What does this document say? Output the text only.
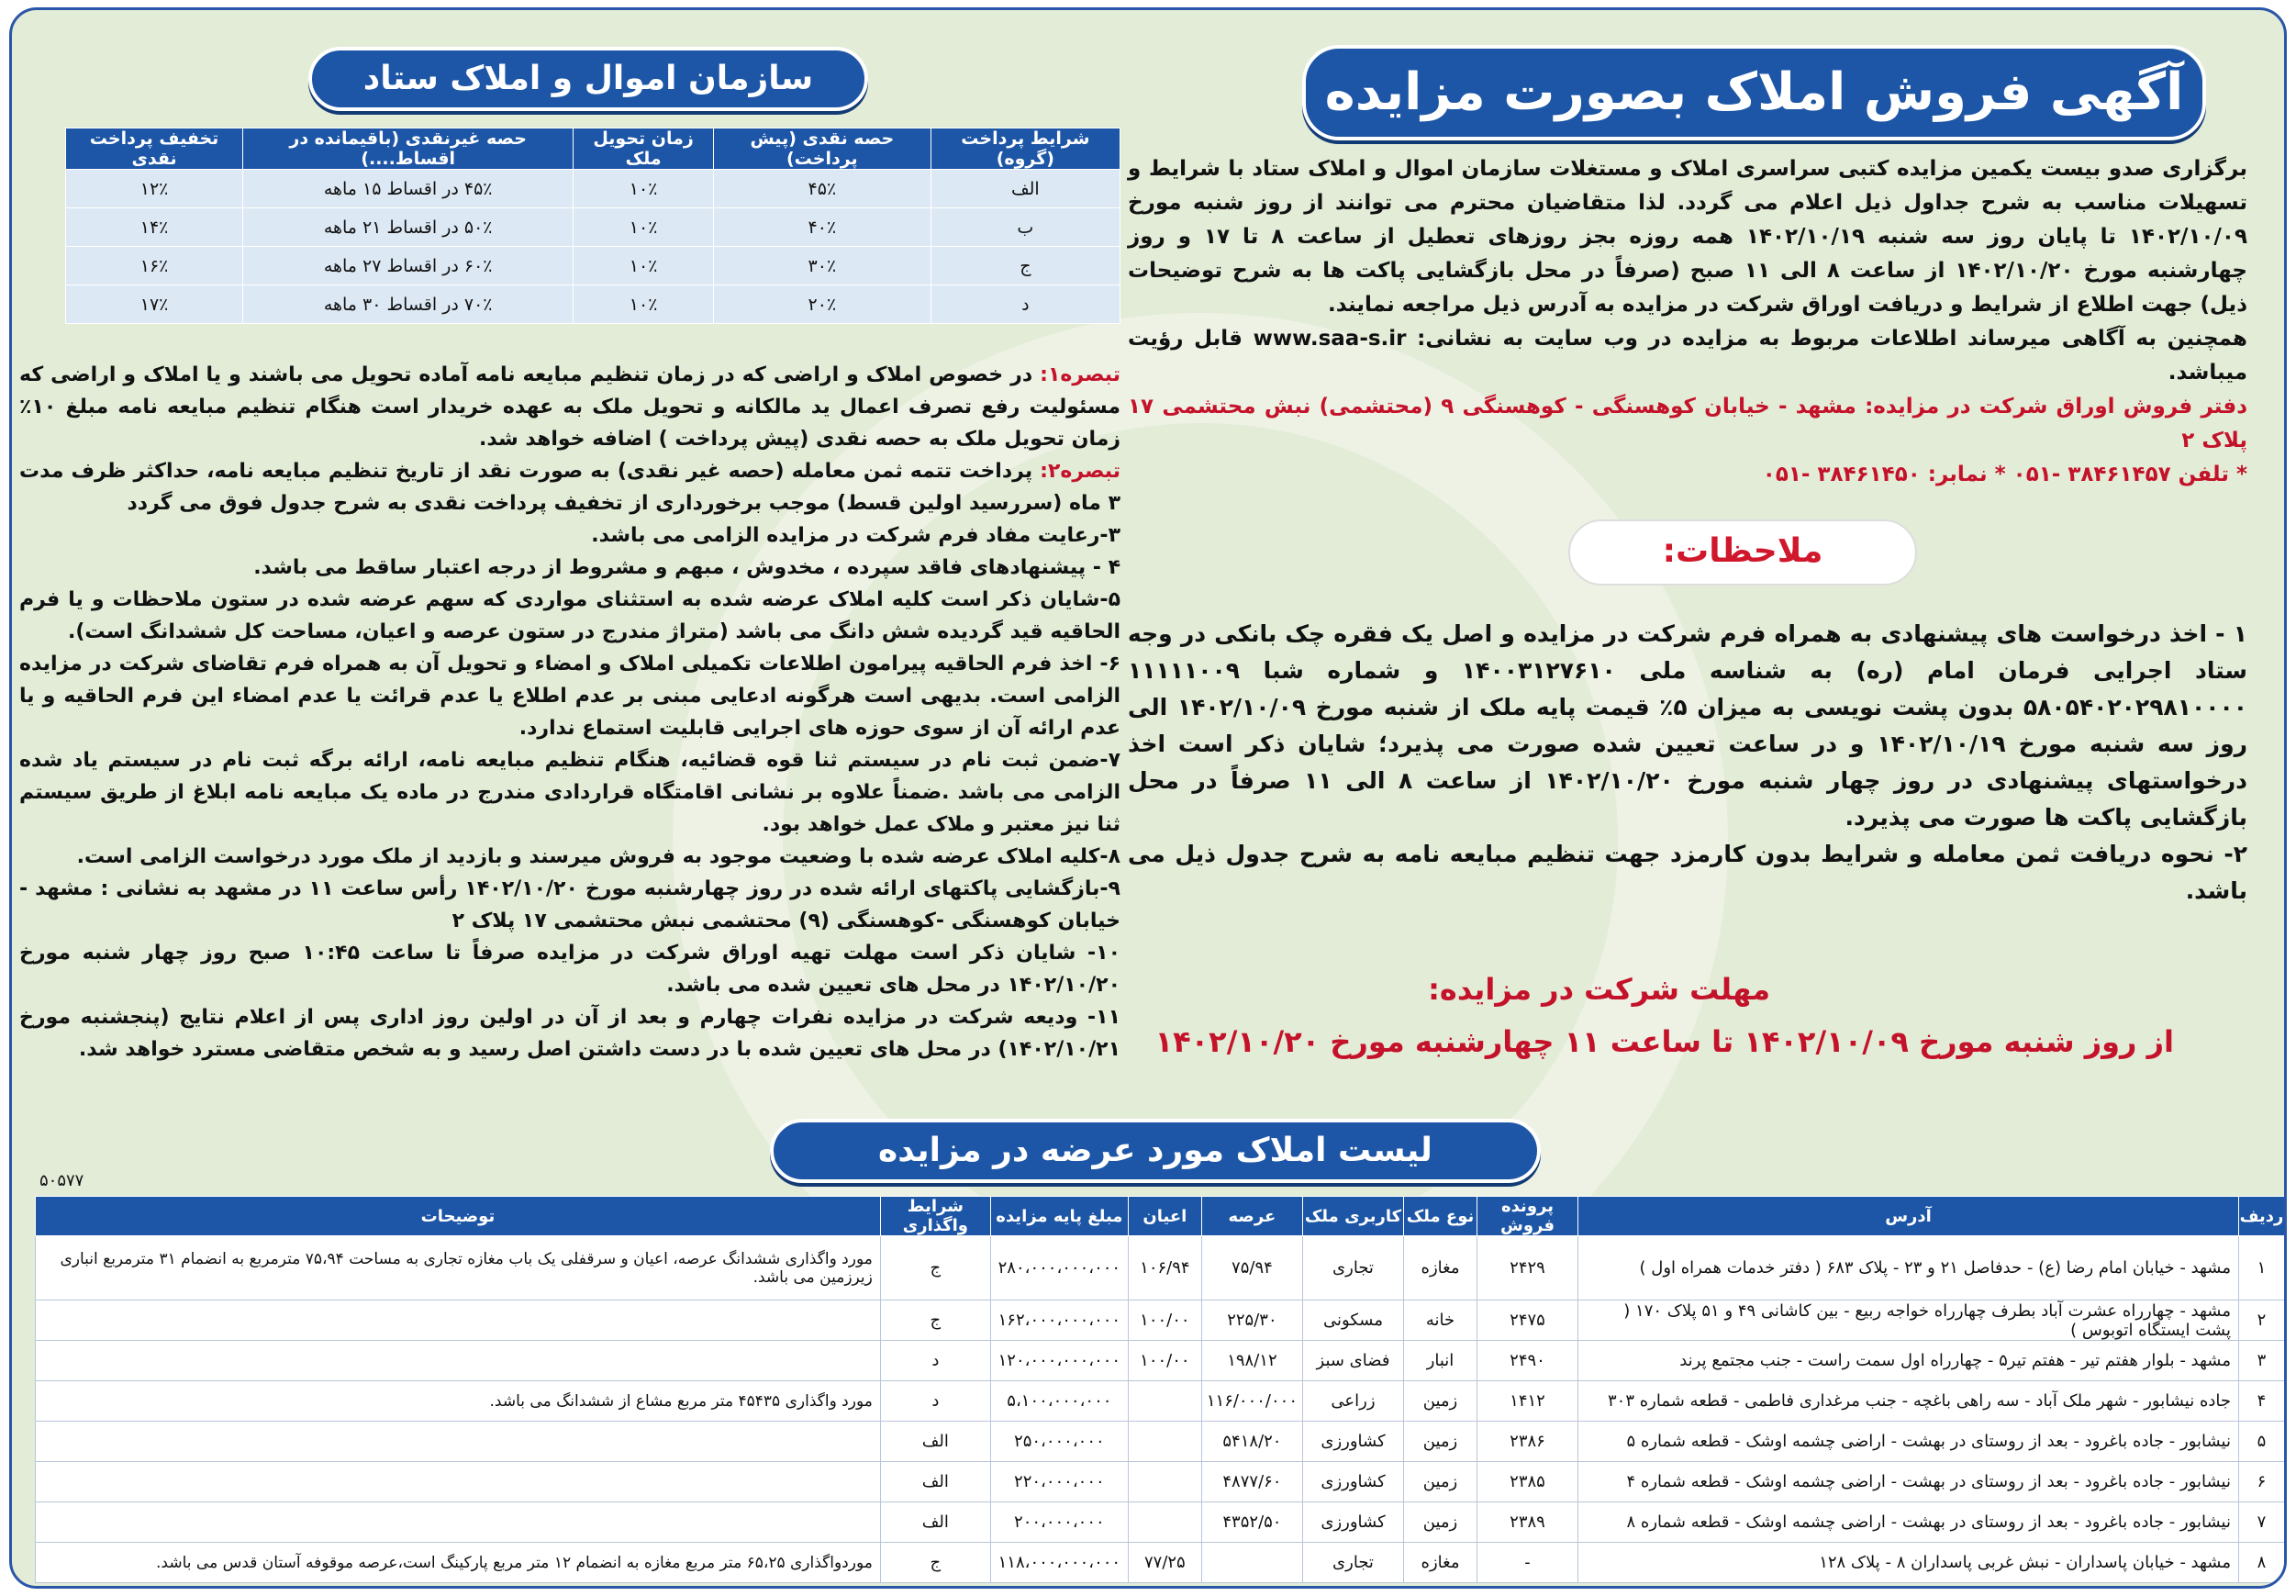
آگهی فروش املاک بصورت مزایده
سازمان اموال و املاک ستاد

برگزاری صدو بیست یکمین مزایده کتبی سراسری املاک و مستغلات سازمان اموال و املاک ستاد با شرایط و تسهیلات مناسب به شرح جداول ذیل اعلام می گردد. لذا متقاضیان محترم می توانند از روز شنبه مورخ ۱۴۰۲/۱۰/۰۹ تا پایان روز سه شنبه ۱۴۰۲/۱۰/۱۹ همه روزه بجز روزهای تعطیل از ساعت ۸ تا ۱۷ و روز چهارشنبه مورخ ۱۴۰۲/۱۰/۲۰ از ساعت ۸ الی ۱۱ صبح (صرفاً در محل بازگشایی پاکت ها به شرح توضیحات ذیل) جهت اطلاع از شرایط و دریافت اوراق شرکت در مزایده به آدرس ذیل مراجعه نمایند.

همچنین به آگاهی میرساند اطلاعات مربوط به مزایده در وب سایت به نشانی: www.saa-s.ir قابل رؤیت میباشد.

دفتر فروش اوراق شرکت در مزایده: مشهد - خیابان کوهسنگی - کوهسنگی ۹ (محتشمی) نبش محتشمی ۱۷ پلاک ۲

* تلفن ۳۸۴۶۱۴۵۷ -۰۵۱ * نمابر: ۳۸۴۶۱۴۵۰ -۰۵۱

ملاحظات:

۱ - اخذ درخواست های پیشنهادی به همراه فرم شرکت در مزایده و اصل یک فقره چک بانکی در وجه ستاد اجرایی فرمان امام (ره) به شناسه ملی ۱۴۰۰۳۱۲۷۶۱۰ و شماره شبا ۱۱۱۱۱۰۰۹ ۵۸۰۵۴۰۲۰۲۹۸۱۰۰۰۰ بدون پشت نویسی به میزان ۵٪ قیمت پایه ملک از شنبه مورخ ۱۴۰۲/۱۰/۰۹ الی روز سه شنبه مورخ ۱۴۰۲/۱۰/۱۹ و در ساعت تعیین شده صورت می پذیرد؛ شایان ذکر است اخذ درخواستهای پیشنهادی در روز چهار شنبه مورخ ۱۴۰۲/۱۰/۲۰ از ساعت ۸ الی ۱۱ صرفاً در محل بازگشایی پاکت ها صورت می پذیرد.

۲- نحوه دریافت ثمن معامله و شرایط بدون کارمزد جهت تنظیم مبایعه نامه به شرح جدول ذیل می باشد.

مهلت شرکت در مزایده:
از روز شنبه مورخ ۱۴۰۲/۱۰/۰۹ تا ساعت ۱۱ چهارشنبه مورخ ۱۴۰۲/۱۰/۲۰
شرایط پرداخت (گروه)	حصه نقدی (پیش پرداخت)	زمان تحویل ملک	حصه غیرنقدی (باقیمانده در اقساط....)	تخفیف پرداخت نقدی
الف	۴۵٪	۱۰٪	۴۵٪ در اقساط ۱۵ ماهه	۱۲٪
ب	۴۰٪	۱۰٪	۵۰٪ در اقساط ۲۱ ماهه	۱۴٪
ج	۳۰٪	۱۰٪	۶۰٪ در اقساط ۲۷ ماهه	۱۶٪
د	۲۰٪	۱۰٪	۷۰٪ در اقساط ۳۰ ماهه	۱۷٪

تبصره۱: در خصوص املاک و اراضی که در زمان تنظیم مبایعه نامه آماده تحویل می باشند و یا املاک و اراضی که مسئولیت رفع تصرف اعمال ید مالکانه و تحویل ملک به عهده خریدار است هنگام تنظیم مبایعه نامه مبلغ ۱۰٪ زمان تحویل ملک به حصه نقدی (پیش پرداخت ) اضافه خواهد شد.

تبصره۲: پرداخت تتمه ثمن معامله (حصه غیر نقدی) به صورت نقد از تاریخ تنظیم مبایعه نامه، حداکثر ظرف مدت ۳ ماه (سررسید اولین قسط) موجب برخورداری از تخفیف پرداخت نقدی به شرح جدول فوق می گردد

۳-رعایت مفاد فرم شرکت در مزایده الزامی می باشد.

۴ - پیشنهادهای فاقد سپرده ، مخدوش ، مبهم و مشروط از درجه اعتبار ساقط می باشد.

۵-شایان ذکر است کلیه املاک عرضه شده به استثنای مواردی که سهم عرضه شده در ستون ملاحظات و یا فرم الحاقیه قید گردیده شش دانگ می باشد (متراژ مندرج در ستون عرصه و اعیان، مساحت کل ششدانگ است).

۶- اخذ فرم الحاقیه پیرامون اطلاعات تکمیلی املاک و امضاء و تحویل آن به همراه فرم تقاضای شرکت در مزایده الزامی است. بدیهی است هرگونه ادعایی مبنی بر عدم اطلاع یا عدم قرائت یا عدم امضاء این فرم الحاقیه و یا عدم ارائه آن از سوی حوزه های اجرایی قابلیت استماع ندارد.

۷-ضمن ثبت نام در سیستم ثنا قوه قضائیه، هنگام تنظیم مبایعه نامه، ارائه برگه ثبت نام در سیستم یاد شده الزامی می باشد .ضمناً علاوه بر نشانی اقامتگاه قراردادی مندرج در ماده یک مبایعه نامه ابلاغ از طریق سیستم ثنا نیز معتبر و ملاک عمل خواهد بود.

۸-کلیه املاک عرضه شده با وضعیت موجود به فروش میرسند و بازدید از ملک مورد درخواست الزامی است.

۹-بازگشایی پاکتهای ارائه شده در روز چهارشنبه مورخ ۱۴۰۲/۱۰/۲۰ رأس ساعت ۱۱ در مشهد به نشانی : مشهد - خیابان کوهسنگی -کوهسنگی (۹) محتشمی نبش محتشمی ۱۷ پلاک ۲

۱۰- شایان ذکر است مهلت تهیه اوراق شرکت در مزایده صرفاً تا ساعت ۱۰:۴۵ صبح روز چهار شنبه مورخ ۱۴۰۲/۱۰/۲۰ در محل های تعیین شده می باشد.

۱۱- ودیعه شرکت در مزایده نفرات چهارم و بعد از آن در اولین روز اداری پس از اعلام نتایج (پنجشنبه مورخ ۱۴۰۲/۱۰/۲۱) در محل های تعیین شده با در دست داشتن اصل رسید و به شخص متقاضی مسترد خواهد شد.

لیست املاک مورد عرضه در مزایده
۵۰۵۷۷
ردیف	آدرس	پرونده فروش	نوع ملک	کاربری ملک	عرصه	اعیان	مبلغ پایه مزایده	شرایط واگذاری	توضیحات
۱	مشهد - خیابان امام رضا (ع) - حدفاصل ۲۱ و ۲۳ - پلاک ۶۸۳ ( دفتر خدمات همراه اول )	۲۴۲۹	مغازه	تجاری	۷۵/۹۴	۱۰۶/۹۴	۲۸۰،۰۰۰،۰۰۰،۰۰۰	ج	مورد واگذاری ششدانگ عرصه، اعیان و سرقفلی یک باب مغازه تجاری به مساحت ۷۵،۹۴ مترمربع به انضمام ۳۱ مترمربع انباری زیرزمین می باشد.
۲	مشهد - چهارراه عشرت آباد بطرف چهارراه خواجه ربیع - بین کاشانی ۴۹ و ۵۱ پلاک ۱۷۰ ( پشت ایستگاه اتوبوس )	۲۴۷۵	خانه	مسکونی	۲۲۵/۳۰	۱۰۰/۰۰	۱۶۲،۰۰۰،۰۰۰،۰۰۰	ج	
۳	مشهد - بلوار هفتم تیر - هفتم تیر۵ - چهارراه اول سمت راست - جنب مجتمع پرند	۲۴۹۰	انبار	فضای سبز	۱۹۸/۱۲	۱۰۰/۰۰	۱۲۰،۰۰۰،۰۰۰،۰۰۰	د	
۴	جاده نیشابور - شهر ملک آباد - سه راهی باغچه - جنب مرغداری فاطمی - قطعه شماره ۳۰۳	۱۴۱۲	زمین	زراعی	۱۱۶/۰۰۰/۰۰۰		۵،۱۰۰،۰۰۰،۰۰۰	د	مورد واگذاری ۴۵۴۳۵ متر مربع مشاع از ششدانگ می باشد.
۵	نیشابور - جاده باغرود - بعد از روستای در بهشت - اراضی چشمه اوشک - قطعه شماره ۵	۲۳۸۶	زمین	کشاورزی	۵۴۱۸/۲۰		۲۵۰،۰۰۰،۰۰۰	الف	
۶	نیشابور - جاده باغرود - بعد از روستای در بهشت - اراضی چشمه اوشک - قطعه شماره ۴	۲۳۸۵	زمین	کشاورزی	۴۸۷۷/۶۰		۲۲۰،۰۰۰،۰۰۰	الف	
۷	نیشابور - جاده باغرود - بعد از روستای در بهشت - اراضی چشمه اوشک - قطعه شماره ۸	۲۳۸۹	زمین	کشاورزی	۴۳۵۲/۵۰		۲۰۰،۰۰۰،۰۰۰	الف	
۸	مشهد - خیابان پاسداران - نبش غربی پاسداران ۸ - پلاک ۱۲۸	-	مغازه	تجاری		۷۷/۲۵	۱۱۸،۰۰۰،۰۰۰،۰۰۰	ج	موردواگذاری ۶۵،۲۵ متر مربع مغازه به انضمام ۱۲ متر مربع پارکینگ است،عرصه موقوفه آستان قدس می باشد.
